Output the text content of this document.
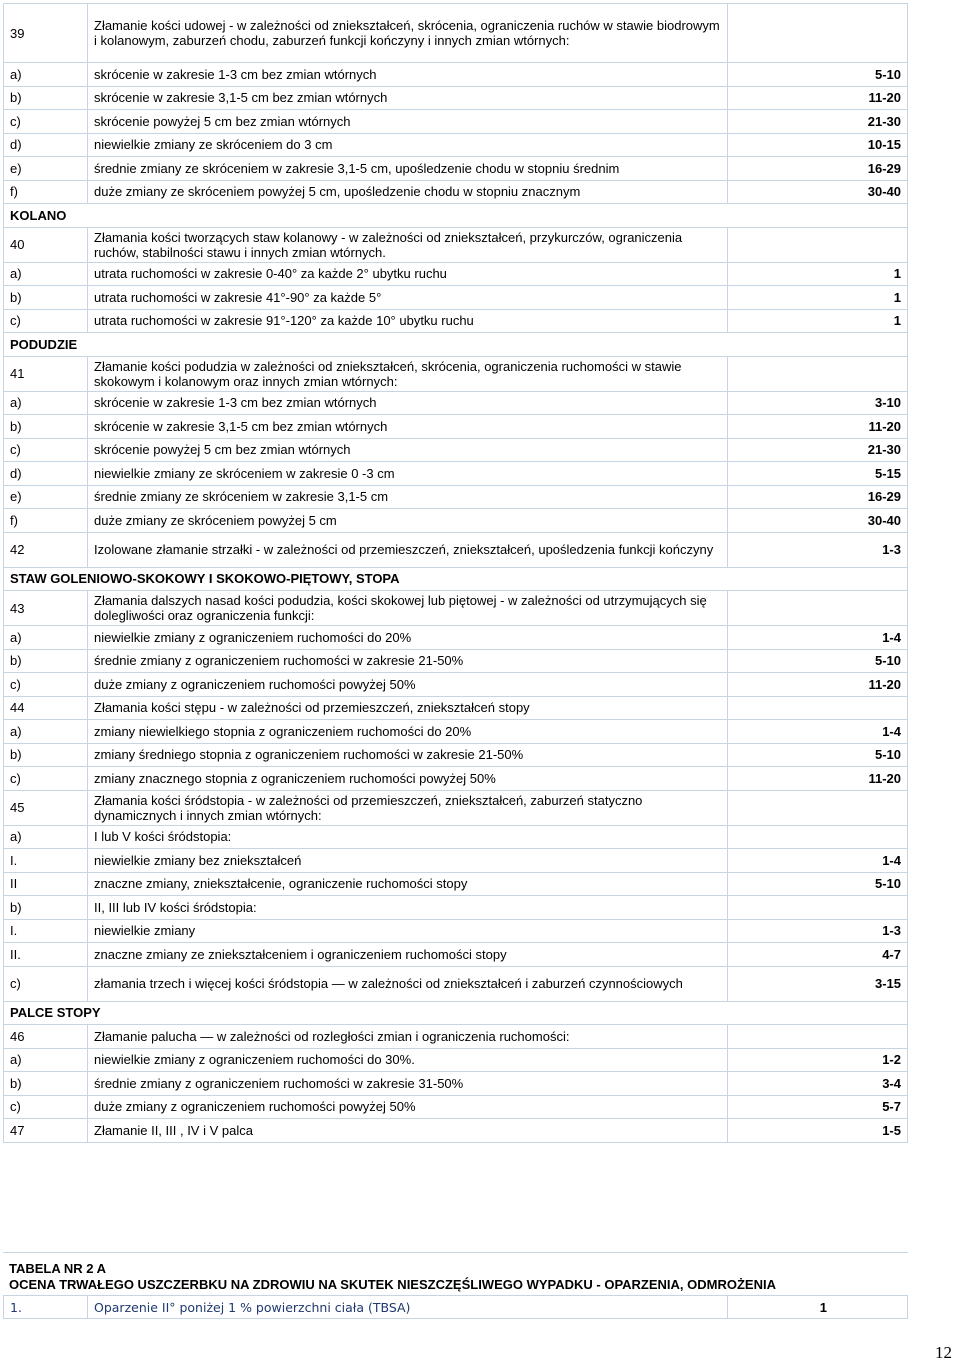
39	Złamanie kości udowej - w zależności od zniekształceń, skrócenia, ograniczenia ruchów w stawie biodrowym i kolanowym, zaburzeń chodu, zaburzeń funkcji kończyny i innych zmian wtórnych:	
a)	skrócenie w zakresie 1-3 cm bez zmian wtórnych	5-10
b)	skrócenie w zakresie 3,1-5 cm bez zmian wtórnych	11-20
c)	skrócenie powyżej 5 cm bez zmian wtórnych	21-30
d)	niewielkie zmiany ze skróceniem do 3 cm	10-15
e)	średnie zmiany ze skróceniem w zakresie 3,1-5 cm, upośledzenie chodu w stopniu średnim	16-29
f)	duże zmiany ze skróceniem powyżej 5 cm, upośledzenie chodu w stopniu znacznym	30-40
KOLANO		
40	Złamania kości tworzących staw kolanowy - w zależności od zniekształceń, przykurczów, ograniczenia ruchów, stabilności stawu i innych zmian wtórnych.	
a)	utrata ruchomości w zakresie 0-40° za każde 2° ubytku ruchu	1
b)	utrata ruchomości w zakresie 41°-90° za każde 5°	1
c)	utrata ruchomości w zakresie 91°-120° za każde 10° ubytku ruchu	1
PODUDZIE		
41	Złamanie kości podudzia w zależności od zniekształceń, skrócenia, ograniczenia ruchomości w stawie skokowym i kolanowym oraz innych zmian wtórnych:	
a)	skrócenie w zakresie 1-3 cm bez zmian wtórnych	3-10
b)	skrócenie w zakresie 3,1-5 cm bez zmian wtórnych	11-20
c)	skrócenie powyżej 5 cm bez zmian wtórnych	21-30
d)	niewielkie zmiany ze skróceniem w zakresie 0 -3 cm	5-15
e)	średnie zmiany ze skróceniem w zakresie 3,1-5 cm	16-29
f)	duże zmiany ze skróceniem powyżej 5 cm	30-40
42	Izolowane złamanie strzałki - w zależności od przemieszczeń, zniekształceń, upośledzenia funkcji kończyny	1-3
STAW GOLENIOWO-SKOKOWY I SKOKOWO-PIĘTOWY, STOPA		
43	Złamania dalszych nasad kości podudzia, kości skokowej lub piętowej - w zależności od utrzymujących się dolegliwości oraz ograniczenia funkcji:	
a)	niewielkie zmiany z ograniczeniem ruchomości do 20%	1-4
b)	średnie zmiany z ograniczeniem ruchomości w zakresie 21-50%	5-10
c)	duże zmiany z ograniczeniem ruchomości powyżej 50%	11-20
44	Złamania kości stępu - w zależności od przemieszczeń, zniekształceń stopy	
a)	zmiany niewielkiego stopnia z ograniczeniem ruchomości do 20%	1-4
b)	zmiany średniego stopnia z ograniczeniem ruchomości w zakresie 21-50%	5-10
c)	zmiany znacznego stopnia z ograniczeniem ruchomości powyżej 50%	11-20
45	Złamania kości śródstopia - w zależności od przemieszczeń, zniekształceń, zaburzeń statyczno dynamicznych i innych zmian wtórnych:	
a)	I lub V kości śródstopia:	
I.	niewielkie zmiany bez zniekształceń	1-4
II	znaczne zmiany, zniekształcenie, ograniczenie ruchomości stopy	5-10
b)	II, III lub IV kości śródstopia:	
I.	niewielkie zmiany	1-3
II.	znaczne zmiany ze zniekształceniem i ograniczeniem ruchomości stopy	4-7
c)	złamania trzech i więcej kości śródstopia — w zależności od zniekształceń i zaburzeń czynnościowych	3-15
PALCE STOPY		
46	Złamanie palucha — w zależności od rozległości zmian i ograniczenia ruchomości:	
a)	niewielkie zmiany z ograniczeniem ruchomości do 30%.	1-2
b)	średnie zmiany z ograniczeniem ruchomości w zakresie 31-50%	3-4
c)	duże zmiany z ograniczeniem ruchomości powyżej 50%	5-7
47	Złamanie II, III , IV i V palca	1-5
TABELA NR 2 A
OCENA TRWAŁEGO USZCZERBKU NA ZDROWIU NA SKUTEK NIESZCZĘŚLIWEGO WYPADKU - OPARZENIA, ODMROŻENIA
1.	Oparzenie II° poniżej 1 % powierzchni ciała (TBSA)	1
12
